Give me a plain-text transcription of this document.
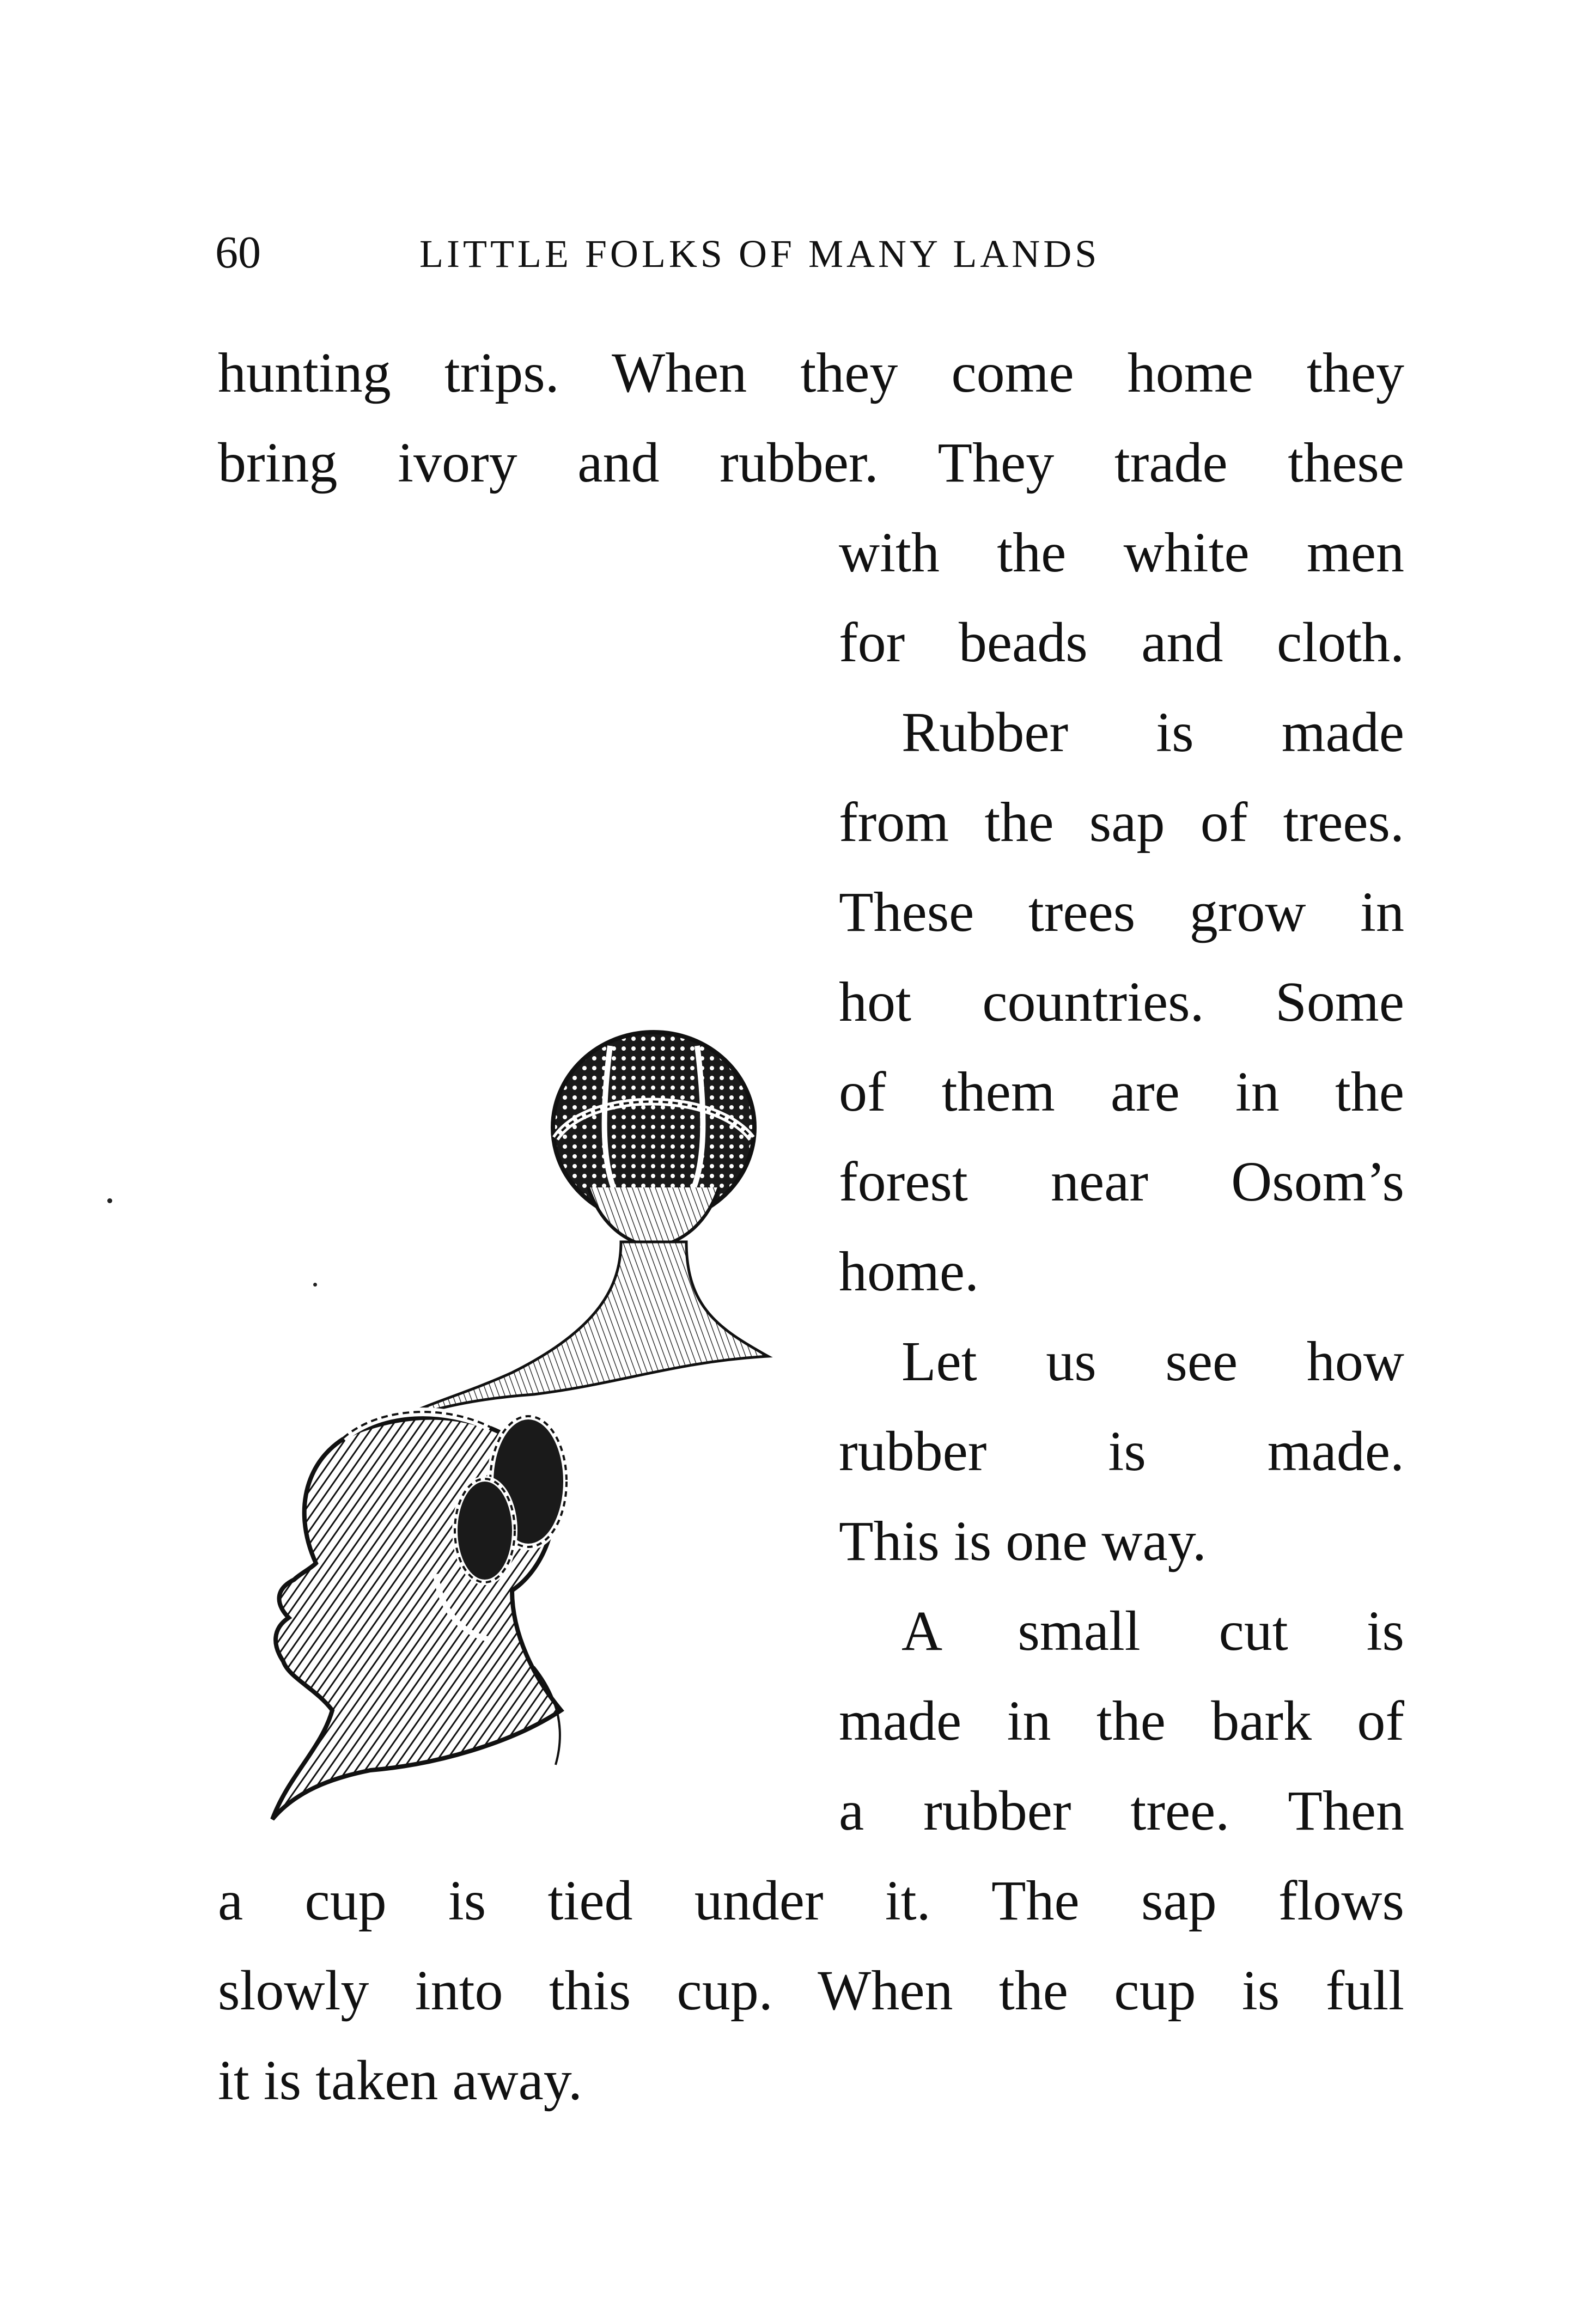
60	LITTLE FOLKS OF MANY LANDS
hunting trips. When they come home they
bring ivory and rubber. They trade these
with the white men
for beads and cloth.
Rubber is made
from the sap of trees.
These trees grow in
hot countries. Some
of them are in the
forest near Osom’s
home.
Let us see how
rubber is made.
This is one way.
A small cut is
made in the bark of
a rubber tree. Then
a cup is tied under it. The sap flows
slowly into this cup. When the cup is full
it is taken away.
